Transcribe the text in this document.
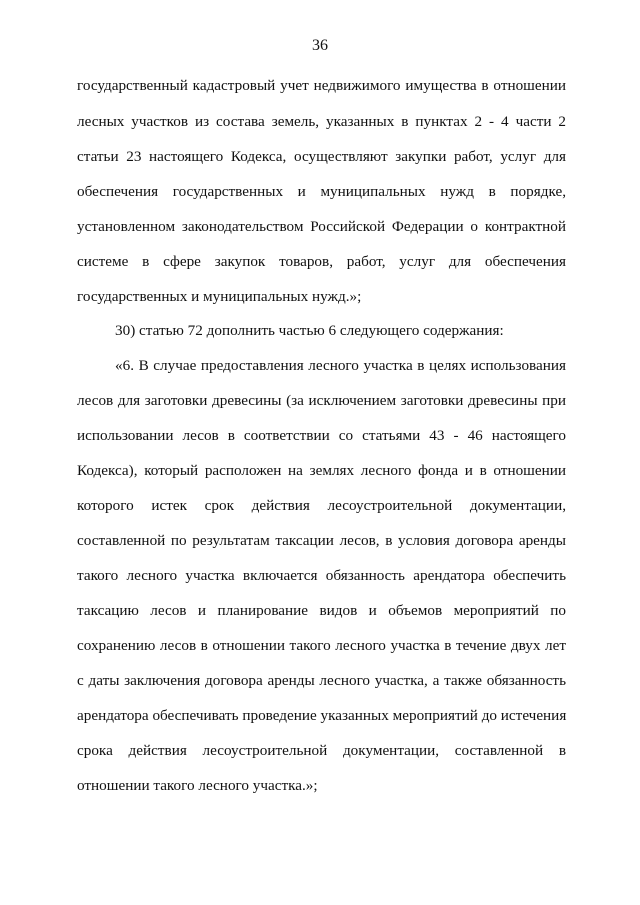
36
государственный кадастровый учет недвижимого имущества в отношении
лесных участков из состава земель, указанных в пунктах 2 - 4 части 2
статьи 23 настоящего Кодекса, осуществляют закупки работ, услуг для
обеспечения государственных и муниципальных нужд в порядке,
установленном законодательством Российской Федерации о контрактной
системе в сфере закупок товаров, работ, услуг для обеспечения
государственных и муниципальных нужд.»;
30) статью 72 дополнить частью 6 следующего содержания:
«6. В случае предоставления лесного участка в целях использования
лесов для заготовки древесины (за исключением заготовки древесины при
использовании лесов в соответствии со статьями 43 - 46 настоящего
Кодекса), который расположен на землях лесного фонда и в отношении
которого истек срок действия лесоустроительной документации,
составленной по результатам таксации лесов, в условия договора аренды
такого лесного участка включается обязанность арендатора обеспечить
таксацию лесов и планирование видов и объемов мероприятий по
сохранению лесов в отношении такого лесного участка в течение двух лет
с даты заключения договора аренды лесного участка, а также обязанность
арендатора обеспечивать проведение указанных мероприятий до истечения
срока действия лесоустроительной документации, составленной в
отношении такого лесного участка.»;
